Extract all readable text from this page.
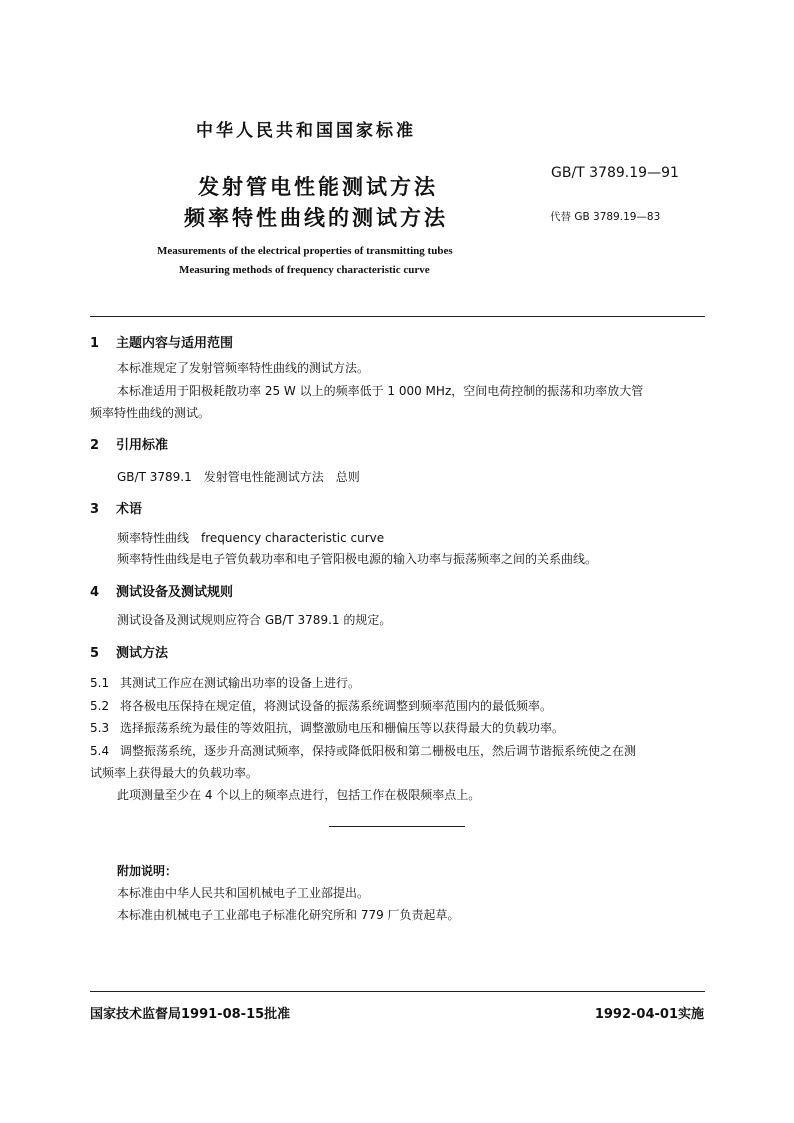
中华人民共和国国家标准
发射管电性能测试方法
频率特性曲线的测试方法
GB/T 3789.19—91
代替 GB 3789.19—83
Measurements of the electrical properties of transmitting tubes
Measuring methods of frequency characteristic curve
1 主题内容与适用范围
本标准规定了发射管频率特性曲线的测试方法。
本标准适用于阳极耗散功率 25 W 以上的频率低于 1 000 MHz，空间电荷控制的振荡和功率放大管
频率特性曲线的测试。
2 引用标准
GB/T 3789.1　发射管电性能测试方法　总则
3 术语
频率特性曲线　frequency characteristic curve
频率特性曲线是电子管负载功率和电子管阳极电源的输入功率与振荡频率之间的关系曲线。
4 测试设备及测试规则
测试设备及测试规则应符合 GB/T 3789.1 的规定。
5 测试方法
5.1 其测试工作应在测试输出功率的设备上进行。
5.2 将各极电压保持在规定值，将测试设备的振荡系统调整到频率范围内的最低频率。
5.3 选择振荡系统为最佳的等效阻抗，调整激励电压和栅偏压等以获得最大的负载功率。
5.4 调整振荡系统，逐步升高测试频率，保持或降低阳极和第二栅极电压，然后调节谐振系统使之在测
试频率上获得最大的负载功率。
此项测量至少在 4 个以上的频率点进行，包括工作在极限频率点上。
附加说明：
本标准由中华人民共和国机械电子工业部提出。
本标准由机械电子工业部电子标准化研究所和 779 厂负责起草。
国家技术监督局1991-08-15批准	1992-04-01实施
